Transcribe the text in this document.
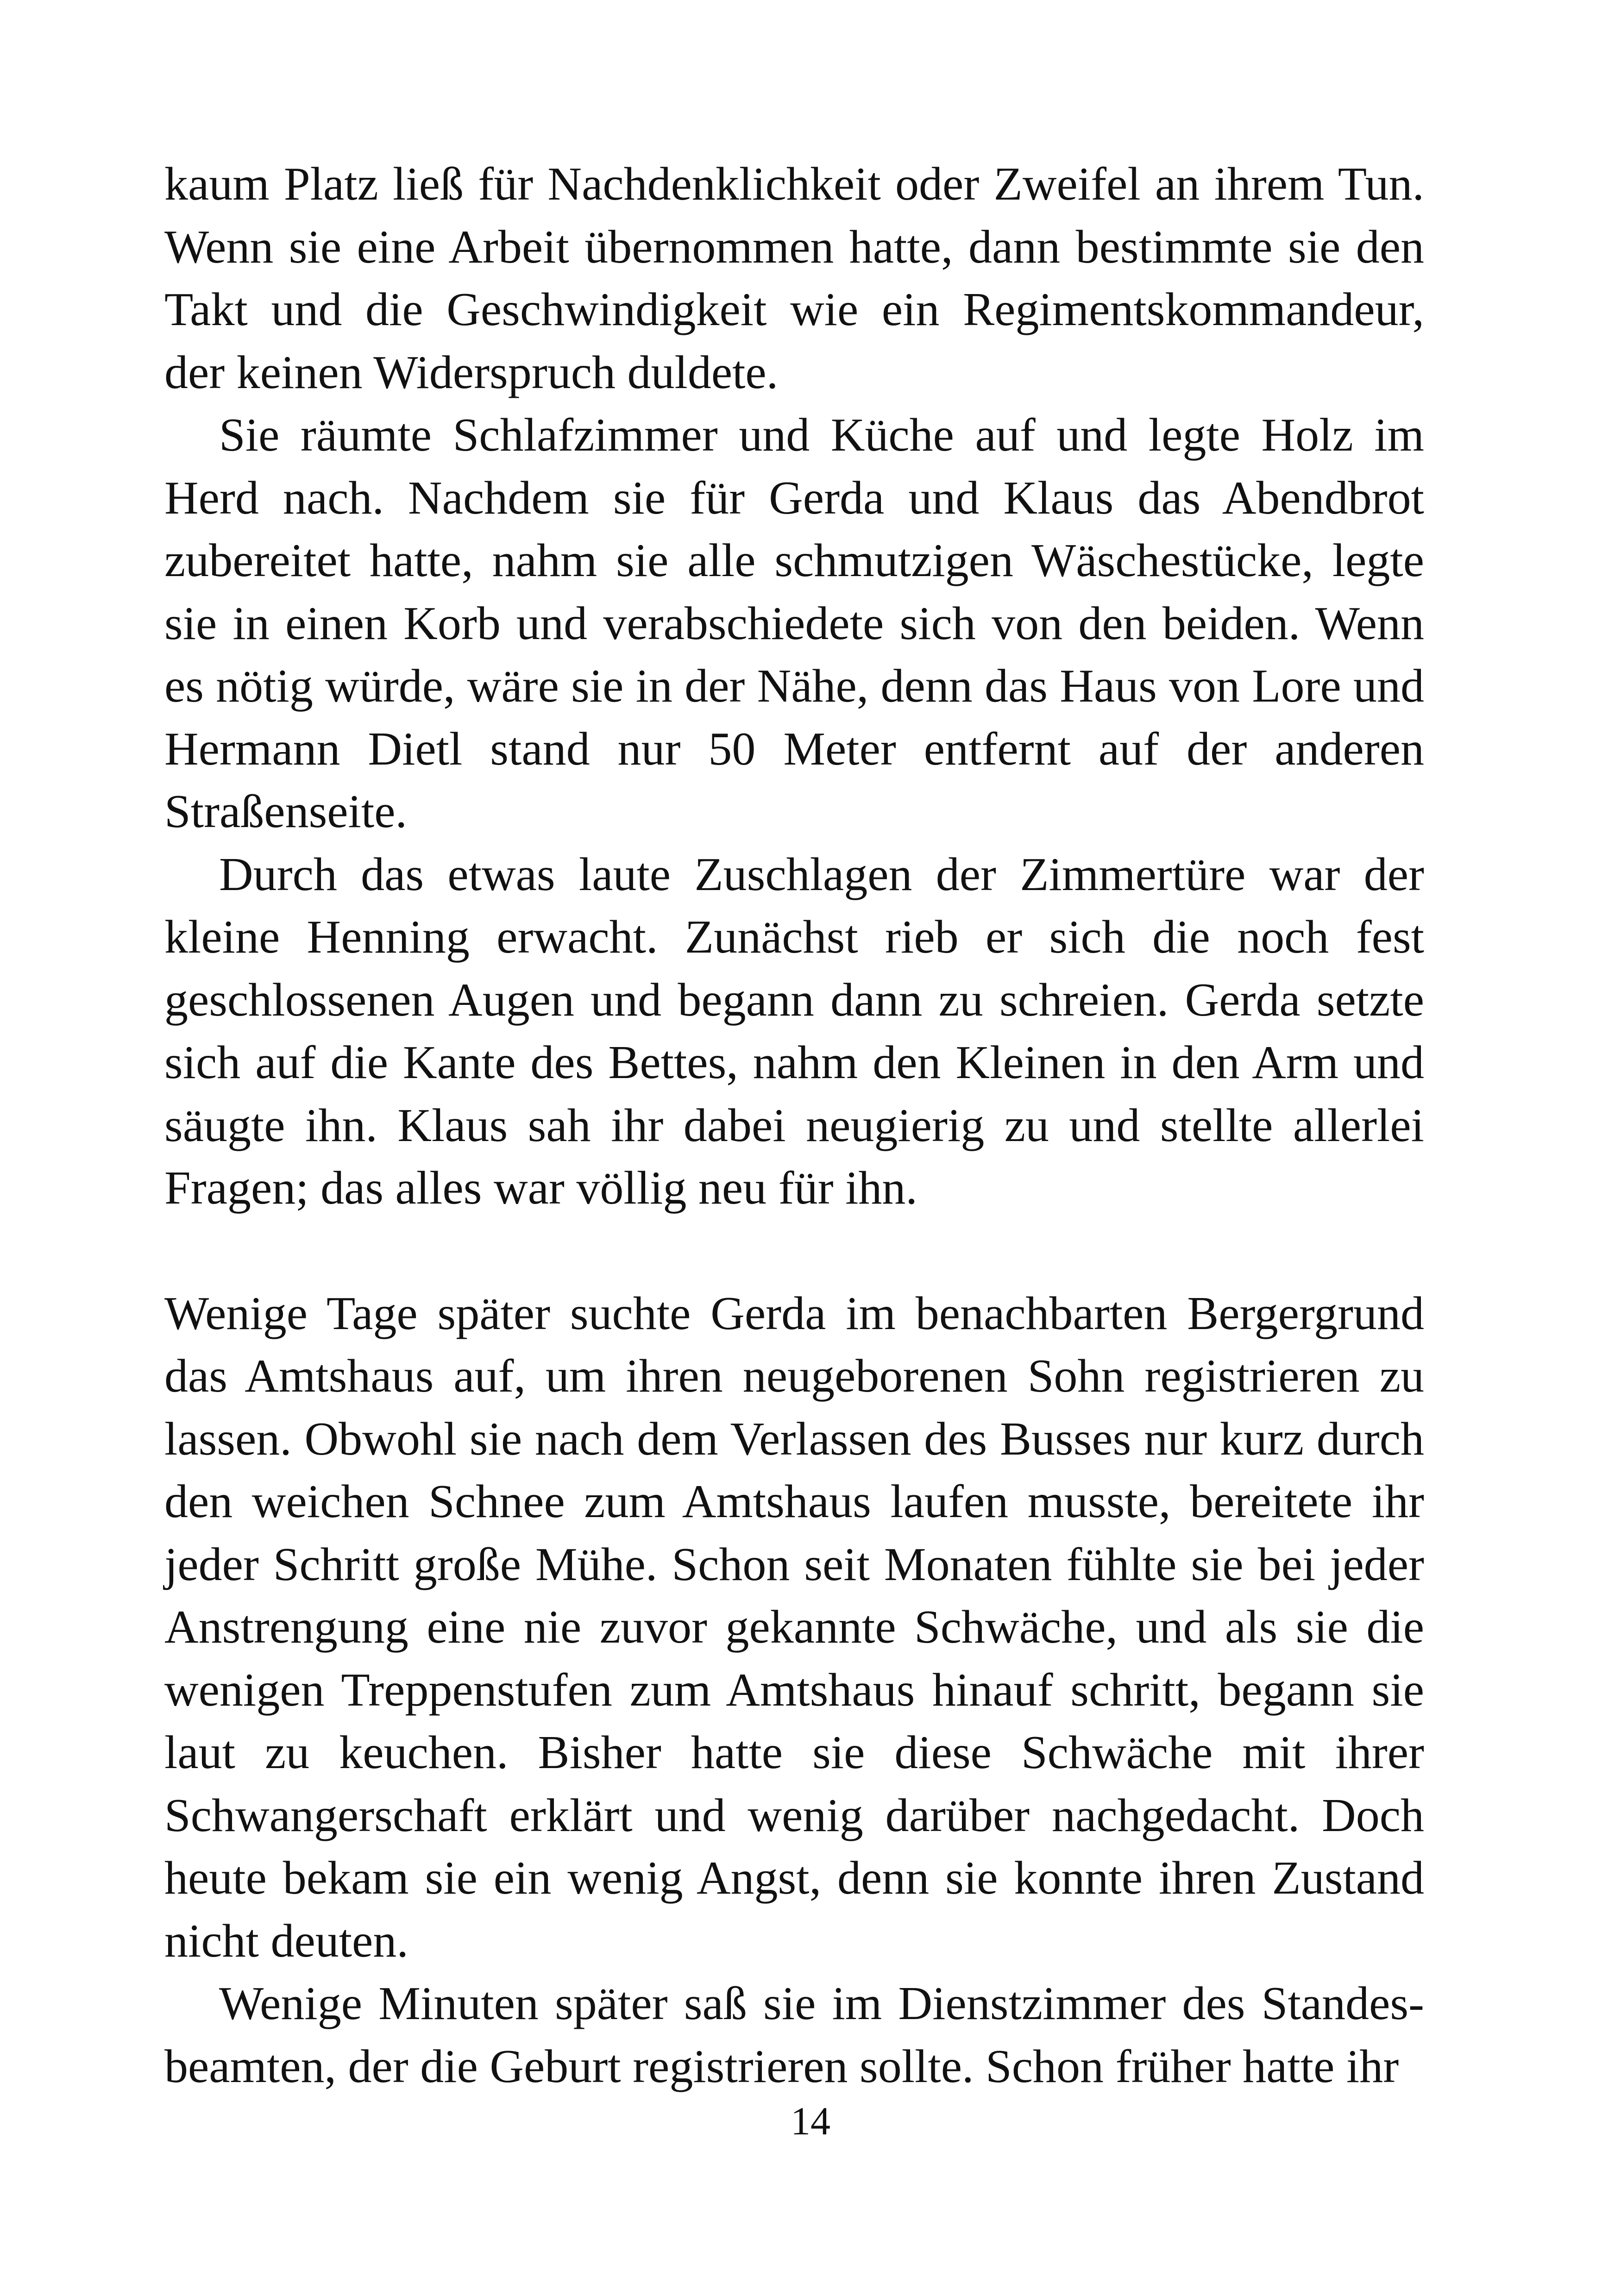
kaum Platz ließ für Nachdenklichkeit oder Zweifel an ihrem Tun. Wenn sie eine Arbeit übernommen hatte, dann bestimmte sie den Takt und die Geschwindigkeit wie ein Regimentskommandeur, der keinen Widerspruch duldete.

Sie räumte Schlafzimmer und Küche auf und legte Holz im Herd nach. Nachdem sie für Gerda und Klaus das Abendbrot zubereitet hatte, nahm sie alle schmutzigen Wäschestücke, legte sie in einen Korb und verabschiedete sich von den beiden. Wenn es nötig würde, wäre sie in der Nähe, denn das Haus von Lore und Hermann Dietl stand nur 50 Meter entfernt auf der anderen Straßenseite.

Durch das etwas laute Zuschlagen der Zimmertüre war der kleine Henning erwacht. Zunächst rieb er sich die noch fest geschlossenen Augen und begann dann zu schreien. Gerda setzte sich auf die Kante des Bettes, nahm den Kleinen in den Arm und säugte ihn. Klaus sah ihr dabei neugierig zu und stellte allerlei Fragen; das alles war völlig neu für ihn.

Wenige Tage später suchte Gerda im benachbarten Bergergrund das Amtshaus auf, um ihren neugeborenen Sohn registrieren zu lassen. Obwohl sie nach dem Verlassen des Busses nur kurz durch den weichen Schnee zum Amtshaus laufen musste, bereitete ihr jeder Schritt große Mühe. Schon seit Monaten fühlte sie bei jeder Anstrengung eine nie zuvor gekannte Schwäche, und als sie die wenigen Treppenstufen zum Amtshaus hinauf schritt, begann sie laut zu keuchen. Bisher hatte sie diese Schwäche mit ihrer Schwangerschaft erklärt und wenig darüber nachgedacht. Doch heute bekam sie ein wenig Angst, denn sie konnte ihren Zustand nicht deuten.

Wenige Minuten später saß sie im Dienstzimmer des Standesbeamten, der die Geburt registrieren sollte. Schon früher hatte ihr

14
